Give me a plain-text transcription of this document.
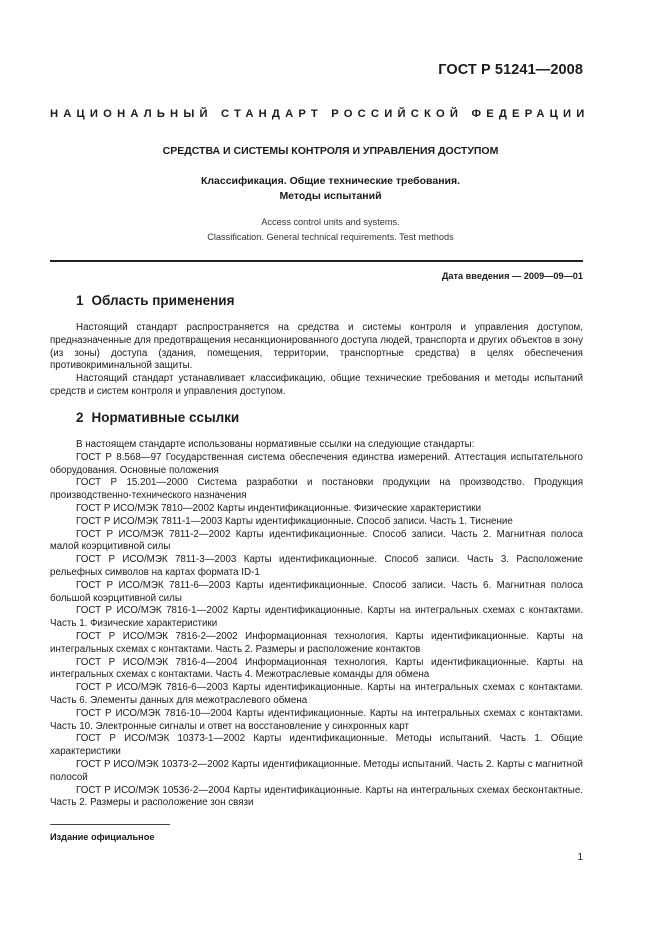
ГОСТ Р 51241—2008
НАЦИОНАЛЬНЫЙ СТАНДАРТ РОССИЙСКОЙ ФЕДЕРАЦИИ
СРЕДСТВА И СИСТЕМЫ КОНТРОЛЯ И УПРАВЛЕНИЯ ДОСТУПОМ
Классификация. Общие технические требования.
Методы испытаний
Access control units and systems.
Classification. General technical requirements. Test methods
Дата введения — 2009—09—01
1 Область применения

Настоящий стандарт распространяется на средства и системы контроля и управления доступом, предназначенные для предотвращения несанкционированного доступа людей, транспорта и других объектов в зону (из зоны) доступа (здания, помещения, территории, транспортные средства) в целях обеспечения противокриминальной защиты.

Настоящий стандарт устанавливает классификацию, общие технические требования и методы испытаний средств и систем контроля и управления доступом.

2 Нормативные ссылки

В настоящем стандарте использованы нормативные ссылки на следующие стандарты:

ГОСТ Р 8.568—97 Государственная система обеспечения единства измерений. Аттестация испытательного оборудования. Основные положения

ГОСТ Р 15.201—2000 Система разработки и постановки продукции на производство. Продукция производственно-технического назначения

ГОСТ Р ИСО/МЭК 7810—2002 Карты индентификационные. Физические характеристики

ГОСТ Р ИСО/МЭК 7811-1—2003 Карты идентификационные. Способ записи. Часть 1. Тиснение

ГОСТ Р ИСО/МЭК 7811-2—2002 Карты идентификационные. Способ записи. Часть 2. Магнитная полоса малой коэрцитивной силы

ГОСТ Р ИСО/МЭК 7811-3—2003 Карты идентификационные. Способ записи. Часть 3. Расположение рельефных символов на картах формата ID-1

ГОСТ Р ИСО/МЭК 7811-6—2003 Карты идентификационные. Способ записи. Часть 6. Магнитная полоса большой коэрцитивной силы

ГОСТ Р ИСО/МЭК 7816-1—2002 Карты идентификационные. Карты на интегральных схемах с контактами. Часть 1. Физические характеристики

ГОСТ Р ИСО/МЭК 7816-2—2002 Информационная технология. Карты идентификационные. Карты на интегральных схемах с контактами. Часть 2. Размеры и расположение контактов

ГОСТ Р ИСО/МЭК 7816-4—2004 Информационная технология. Карты идентификационные. Карты на интегральных схемах с контактами. Часть 4. Межотраслевые команды для обмена

ГОСТ Р ИСО/МЭК 7816-6—2003 Карты идентификационные. Карты на интегральных схемах с контактами. Часть 6. Элементы данных для межотраслевого обмена

ГОСТ Р ИСО/МЭК 7816-10—2004 Карты идентификационные. Карты на интегральных схемах с контактами. Часть 10. Электронные сигналы и ответ на восстановление у синхронных карт

ГОСТ Р ИСО/МЭК 10373-1—2002 Карты идентификационные. Методы испытаний. Часть 1. Общие характеристики

ГОСТ Р ИСО/МЭК 10373-2—2002 Карты идентификационные. Методы испытаний. Часть 2. Карты с магнитной полосой

ГОСТ Р ИСО/МЭК 10536-2—2004 Карты идентификационные. Карты на интегральных схемах бесконтактные. Часть 2. Размеры и расположение зон связи

Издание официальное
1
